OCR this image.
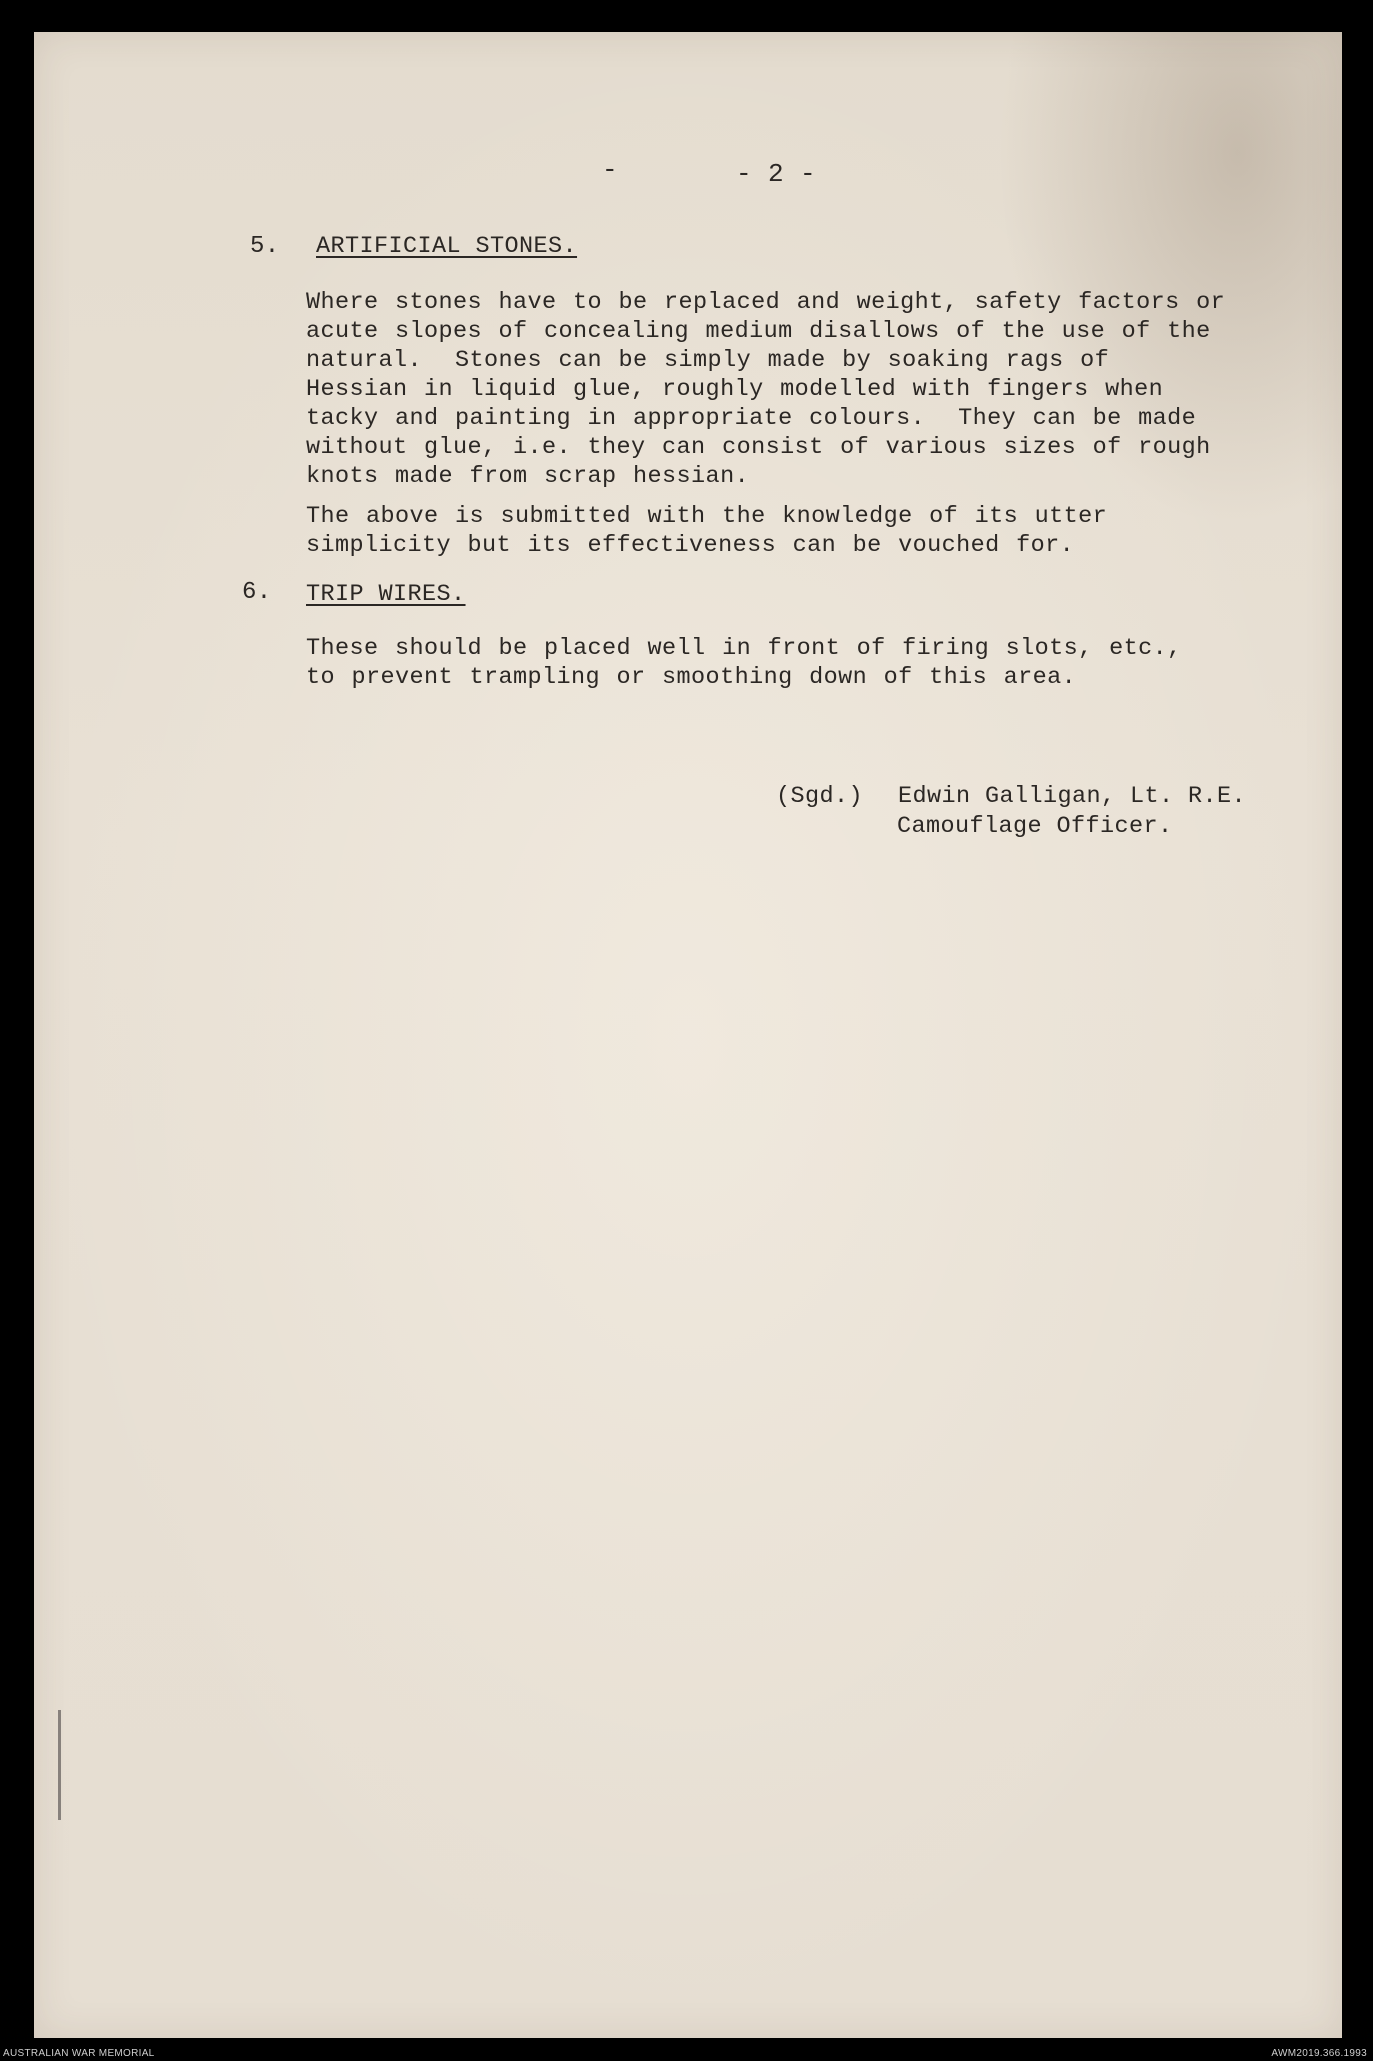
-	- 2 -
5. ARTIFICIAL STONES.
Where stones have to be replaced and weight, safety factors or
acute slopes of concealing medium disallows of the use of the
natural.  Stones can be simply made by soaking rags of
Hessian in liquid glue, roughly modelled with fingers when
tacky and painting in appropriate colours.  They can be made
without glue, i.e. they can consist of various sizes of rough
knots made from scrap hessian.
The above is submitted with the knowledge of its utter
simplicity but its effectiveness can be vouched for.
6. TRIP WIRES.
These should be placed well in front of firing slots, etc.,
to prevent trampling or smoothing down of this area.
(Sgd.) Edwin Galligan, Lt. R.E.
Camouflage Officer.
AUSTRALIAN WAR MEMORIAL	AWM2019.366.1993
